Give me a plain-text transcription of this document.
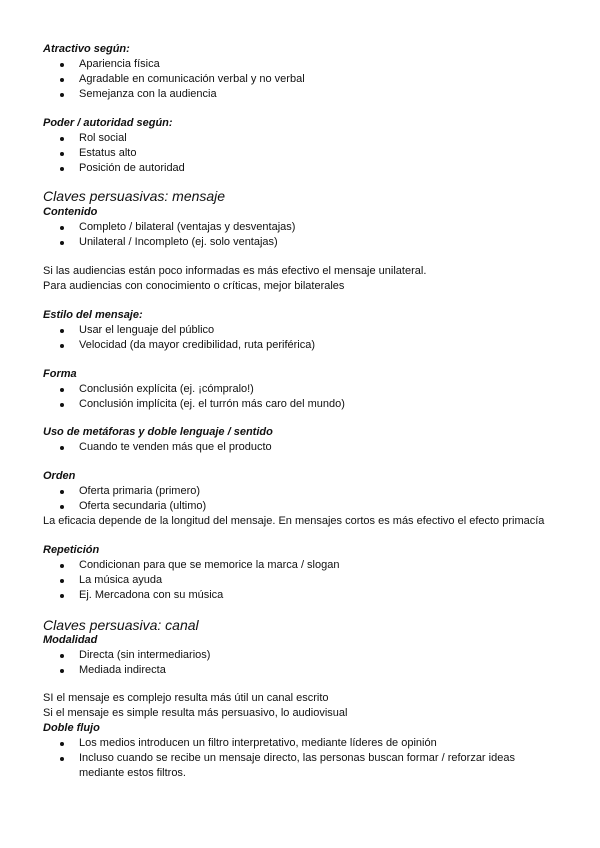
Atractivo según:
Apariencia física
Agradable en comunicación verbal y no verbal
Semejanza con la audiencia
Poder / autoridad según:
Rol social
Estatus alto
Posición de autoridad
Claves persuasivas: mensaje
Contenido
Completo / bilateral (ventajas y desventajas)
Unilateral / Incompleto (ej. solo ventajas)
Si las audiencias están poco informadas es más efectivo el mensaje unilateral.
Para audiencias con conocimiento o críticas, mejor bilaterales
Estilo del mensaje:
Usar el lenguaje del público
Velocidad (da mayor credibilidad, ruta periférica)
Forma
Conclusión explícita (ej. ¡cómpralo!)
Conclusión implícita (ej. el turrón más caro del mundo)
Uso de metáforas y doble lenguaje / sentido
Cuando te venden más que el producto
Orden
Oferta primaria (primero)
Oferta secundaria (ultimo)
La eficacia depende de la longitud del mensaje. En mensajes cortos es más efectivo el efecto primacía
Repetición
Condicionan para que se memorice la marca / slogan
La música ayuda
Ej. Mercadona con su música
Claves persuasiva: canal
Modalidad
Directa (sin intermediarios)
Mediada indirecta
SI el mensaje es complejo resulta más útil un canal escrito
Si el mensaje es simple resulta más persuasivo, lo audiovisual
Doble flujo
Los medios introducen un filtro interpretativo, mediante líderes de opinión
Incluso cuando se recibe un mensaje directo, las personas buscan formar / reforzar ideas mediante estos filtros.
